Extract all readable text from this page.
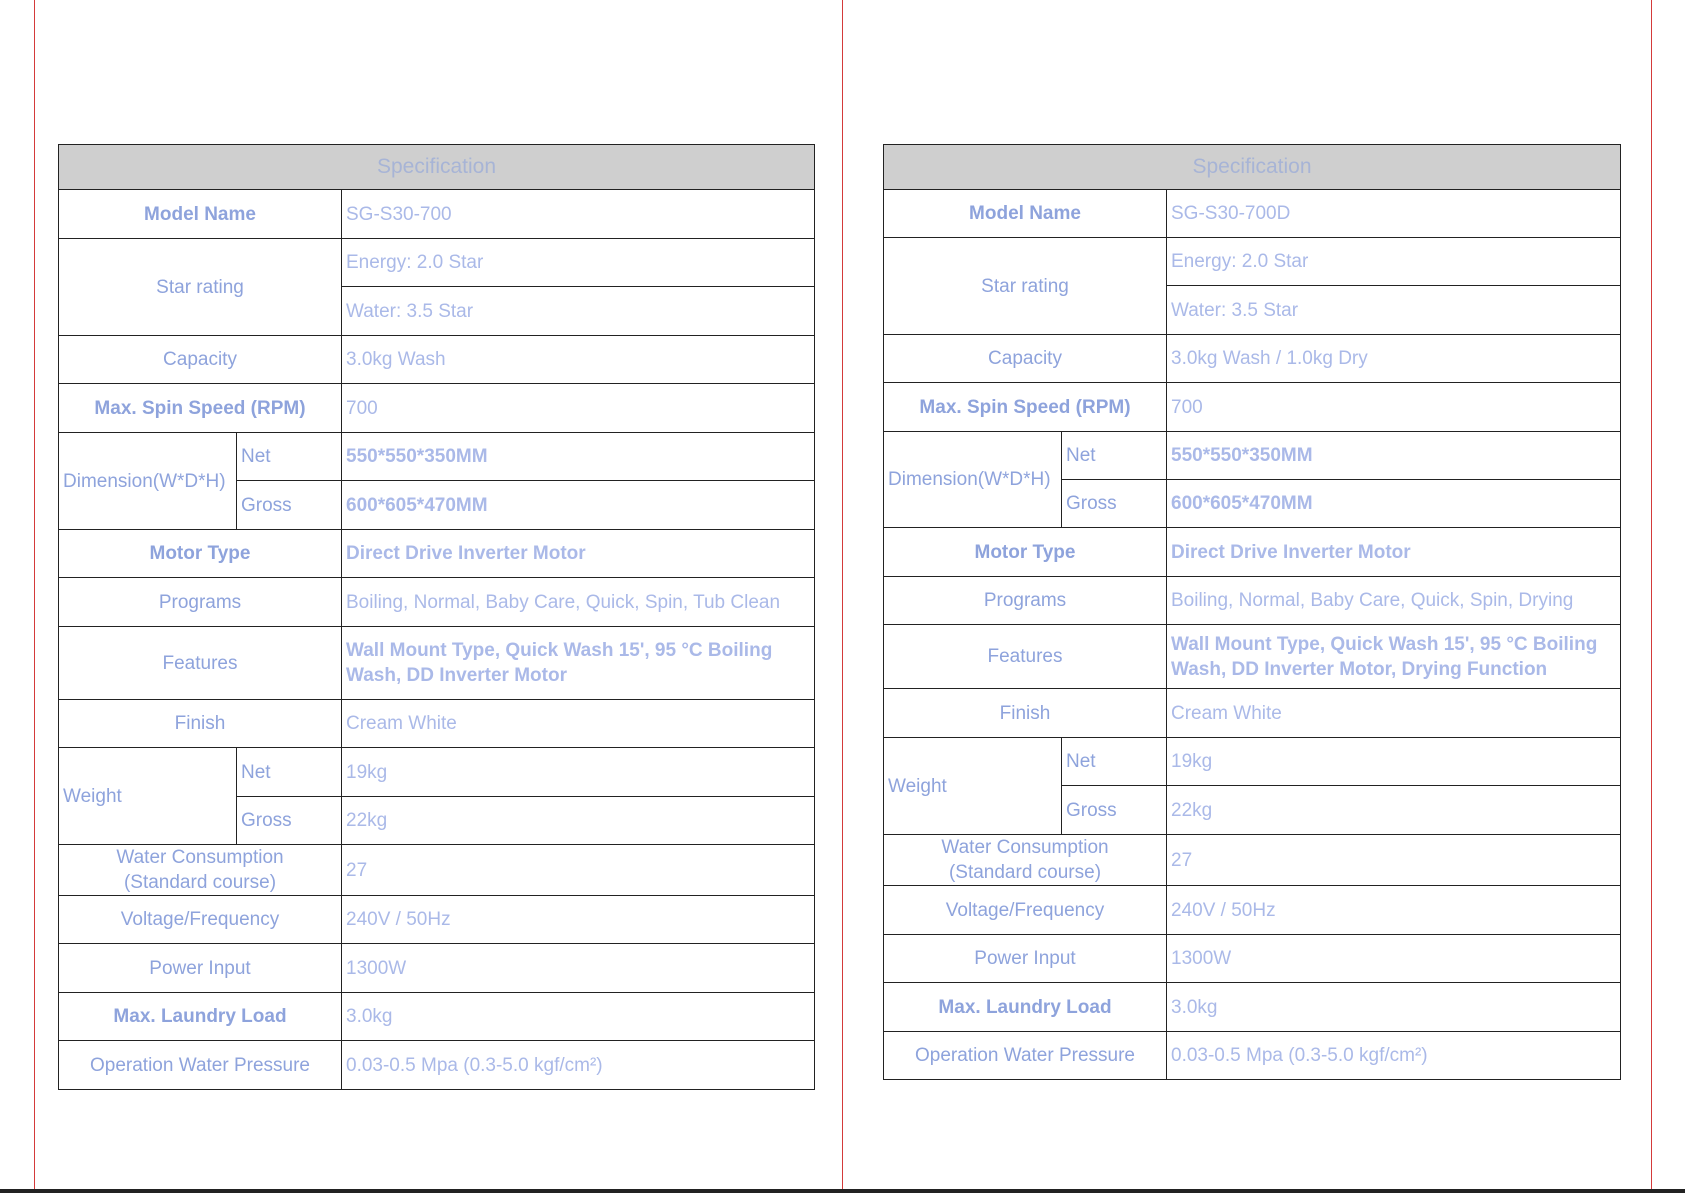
Specification		
Model Name		SG-S30-700
Star rating		Energy: 2.0 Star
		Water: 3.5 Star
Capacity		3.0kg Wash
Max. Spin Speed (RPM)		700
Dimension(W*D*H)	Net	550*550*350MM
	Gross	600*605*470MM
Motor Type		Direct Drive Inverter Motor
Programs		Boiling, Normal, Baby Care, Quick, Spin, Tub Clean
Features		Wall Mount Type, Quick Wash 15', 95 °C Boiling
Wash, DD Inverter Motor

Finish		Cream White
Weight	Net	19kg
	Gross	22kg

Water Consumption
(Standard course)		27
Voltage/Frequency		240V / 50Hz
Power Input		1300W
Max. Laundry Load		3.0kg
Operation Water Pressure		0.03-0.5 Mpa (0.3-5.0 kgf/cm²)
Specification		
Model Name		SG-S30-700D
Star rating		Energy: 2.0 Star
		Water: 3.5 Star
Capacity		3.0kg Wash / 1.0kg Dry
Max. Spin Speed (RPM)		700
Dimension(W*D*H)	Net	550*550*350MM
	Gross	600*605*470MM
Motor Type		Direct Drive Inverter Motor
Programs		Boiling, Normal, Baby Care, Quick, Spin, Drying
Features		Wall Mount Type, Quick Wash 15', 95 °C Boiling
Wash, DD Inverter Motor, Drying Function

Finish		Cream White
Weight	Net	19kg
	Gross	22kg

Water Consumption
(Standard course)		27
Voltage/Frequency		240V / 50Hz
Power Input		1300W
Max. Laundry Load		3.0kg
Operation Water Pressure		0.03-0.5 Mpa (0.3-5.0 kgf/cm²)
